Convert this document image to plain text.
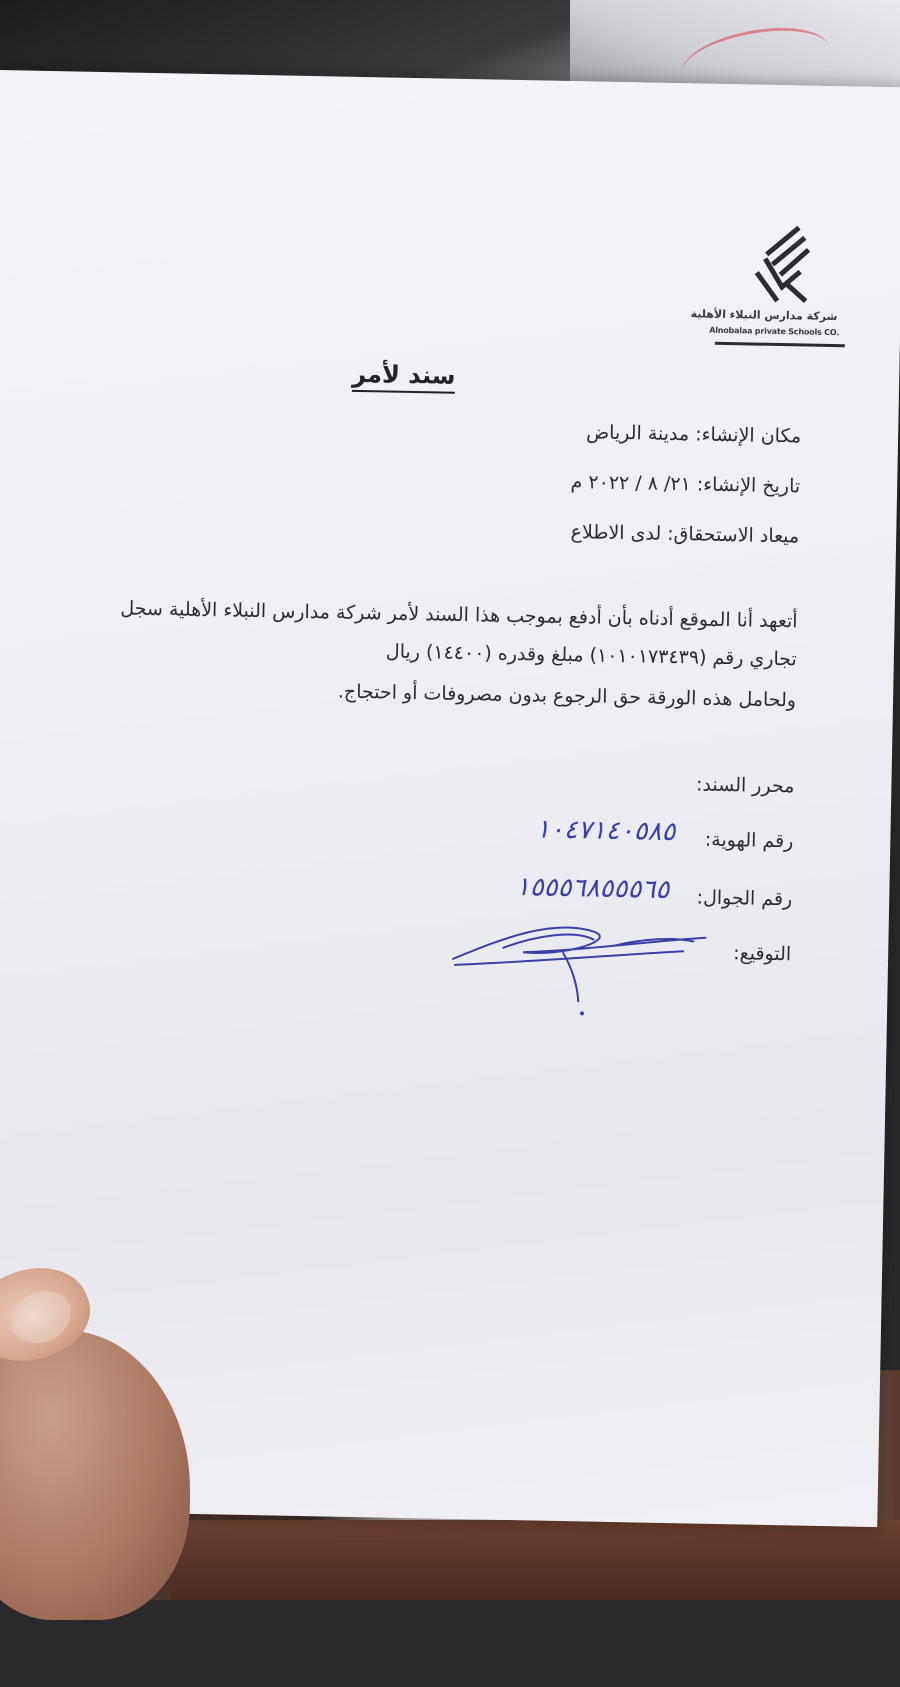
شركة مدارس النبلاء الأهلية
Alnobalaa private Schools CO.
سند لأمر
مكان الإنشاء: مدينة الرياض
تاريخ الإنشاء: ٢١/ ٨ / ٢٠٢٢ م
ميعاد الاستحقاق: لدى الاطلاع
أتعهد أنا الموقع أدناه بأن أدفع بموجب هذا السند لأمر شركة مدارس النبلاء الأهلية سجل
تجاري رقم (١٠١٠١٧٣٤٣٩) مبلغ وقدره (١٤٤٠٠) ريال
ولحامل هذه الورقة حق الرجوع بدون مصروفات أو احتجاج.
محرر السند:
رقم الهوية:
١٠٤٧١٤٠٥٨٥
رقم الجوال:
١٥٥٥٦٨٥٥٥٦٥
التوقيع:
